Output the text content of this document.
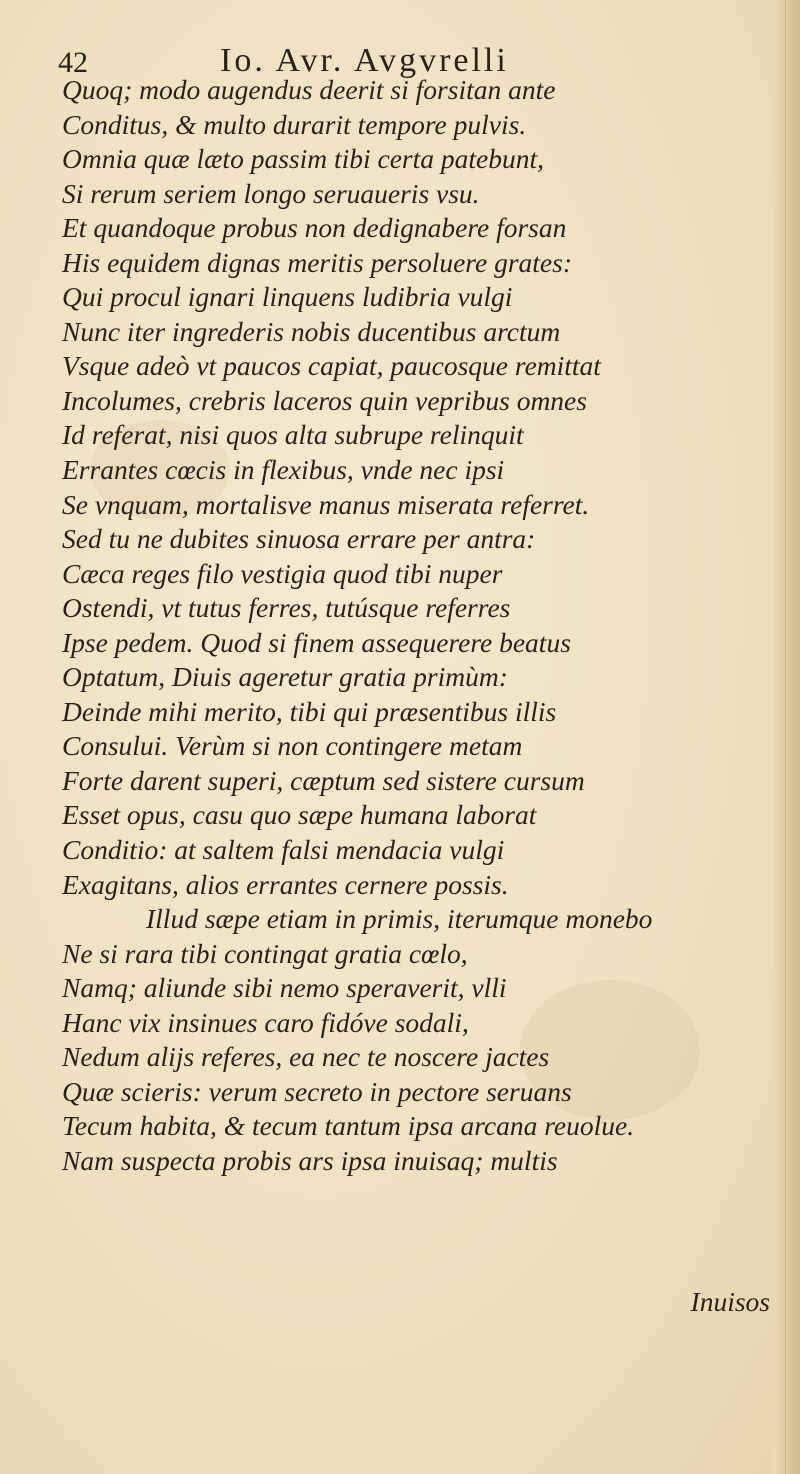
42	Io. Avr. Avgvrelli
Quoq; modo augendus deerit si forsitan ante
Conditus, & multo durarit tempore pulvis.
Omnia quæ læto passim tibi certa patebunt,
Si rerum seriem longo seruaueris vsu.
Et quandoque probus non dedignabere forsan
His equidem dignas meritis persoluere grates:
Qui procul ignari linquens ludibria vulgi
Nunc iter ingrederis nobis ducentibus arctum
Vsque adeò vt paucos capiat, paucosque remittat
Incolumes, crebris laceros quin vepribus omnes
Id referat, nisi quos alta subrupe relinquit
Errantes cœcis in flexibus, vnde nec ipsi
Se vnquam, mortalisve manus miserata referret.
Sed tu ne dubites sinuosa errare per antra:
Cæca reges filo vestigia quod tibi nuper
Ostendi, vt tutus ferres, tutúsque referres
Ipse pedem. Quod si finem assequerere beatus
Optatum, Diuis ageretur gratia primùm:
Deinde mihi merito, tibi qui præsentibus illis
Consului. Verùm si non contingere metam
Forte darent superi, cæptum sed sistere cursum
Esset opus, casu quo sæpe humana laborat
Conditio: at saltem falsi mendacia vulgi
Exagitans, alios errantes cernere possis.
Illud sæpe etiam in primis, iterumque monebo
Ne si rara tibi contingat gratia cœlo,
Namq; aliunde sibi nemo speraverit, vlli
Hanc vix insinues caro fidóve sodali,
Nedum alijs referes, ea nec te noscere jactes
Quæ scieris: verum secreto in pectore seruans
Tecum habita, & tecum tantum ipsa arcana reuolue.
Nam suspecta probis ars ipsa inuisaq; multis
Inuisos
